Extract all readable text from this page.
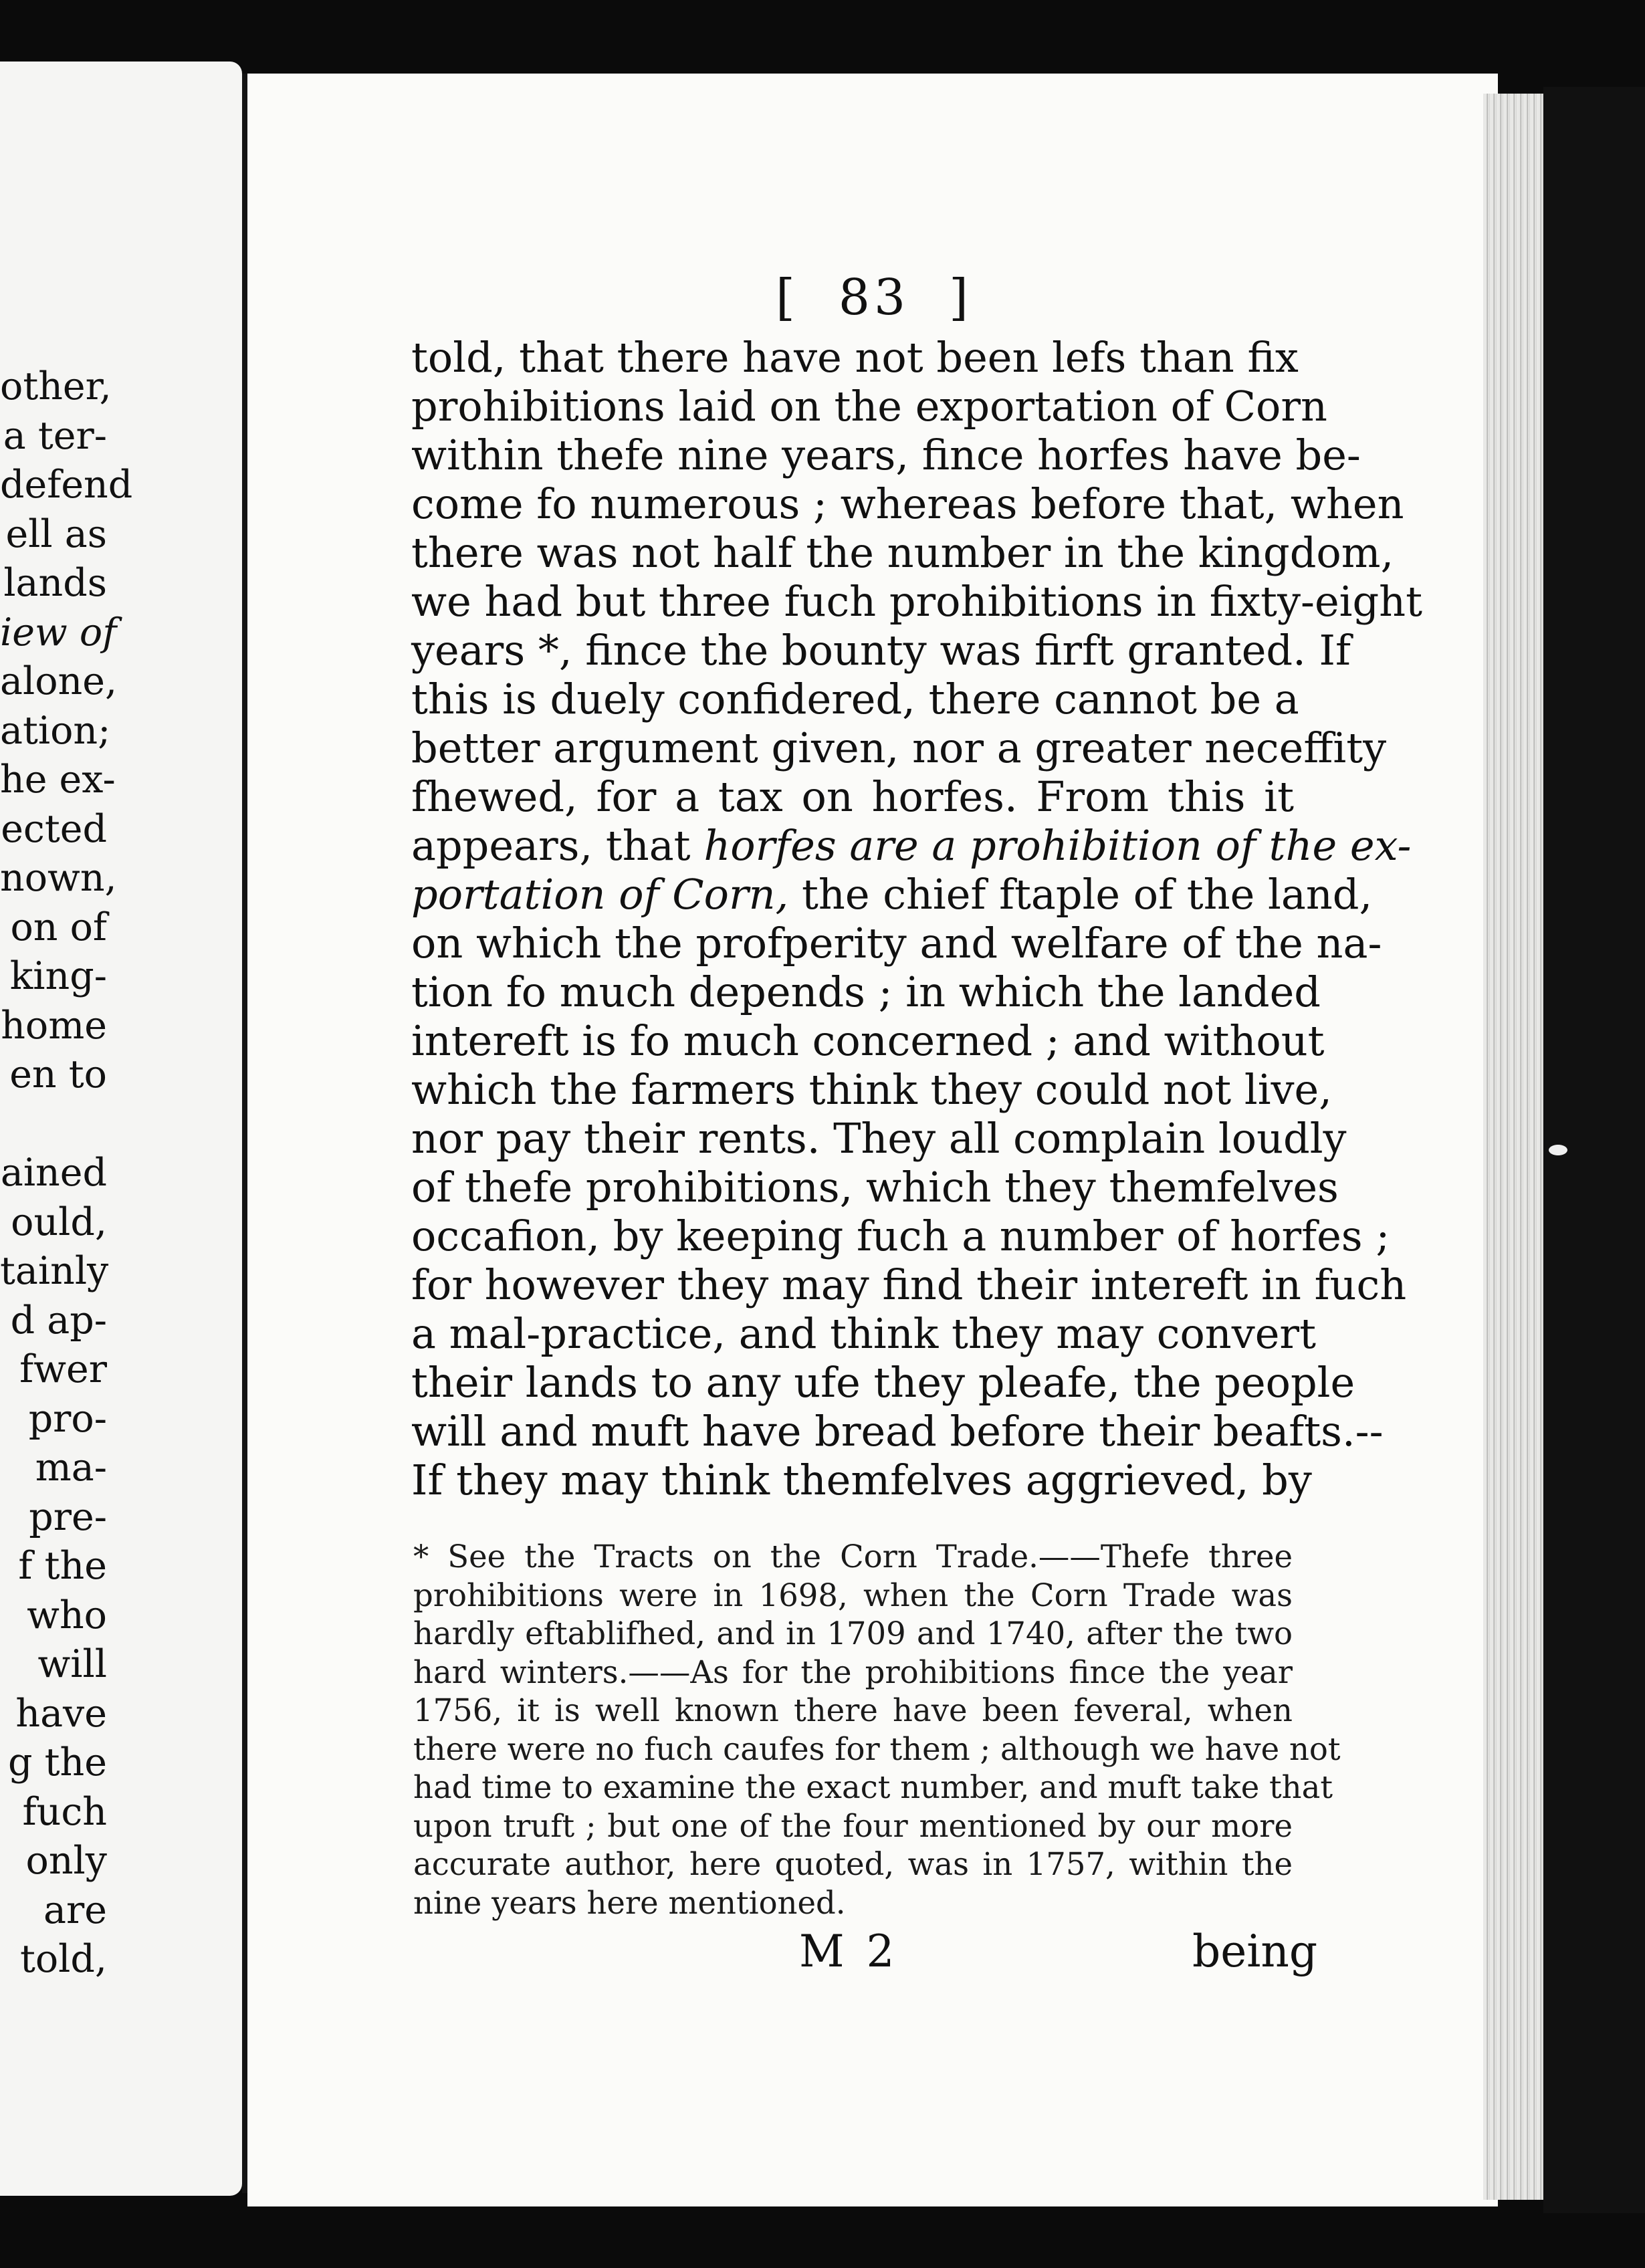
other,
a ter-
defend
ell as
lands
iew of
alone,
ation;
he ex-
ected
nown,
on of
king-
home
en to
ained
ould,
tainly
d ap-
fwer
pro-
ma-
pre-
f the
who
will
have
g the
fuch
only
are
told,
[  83  ]
told, that there have not been lefs than fix
prohibitions laid on the exportation of Corn
within thefe nine years, fince horfes have be-
come fo numerous ; whereas before that, when
there was not half the number in the kingdom,
we had but three fuch prohibitions in fixty-eight
years *, fince the bounty was firft granted. If
this is duely confidered, there cannot be a
better argument given, nor a greater neceffity
fhewed, for a tax on horfes. From this it
appears, that horfes are a prohibition of the ex-
portation of Corn, the chief ftaple of the land,
on which the profperity and welfare of the na-
tion fo much depends ; in which the landed
intereft is fo much concerned ; and without
which the farmers think they could not live,
nor pay their rents. They all complain loudly
of thefe prohibitions, which they themfelves
occafion, by keeping fuch a number of horfes ;
for however they may find their intereft in fuch
a mal-practice, and think they may convert
their lands to any ufe they pleafe, the people
will and muft have bread before their beafts.--
If they may think themfelves aggrieved, by
* See the Tracts on the Corn Trade.——Thefe three
prohibitions were in 1698, when the Corn Trade was
hardly eftablifhed, and in 1709 and 1740, after the two
hard winters.——As for the prohibitions fince the year
1756, it is well known there have been feveral, when
there were no fuch caufes for them ; although we have not
had time to examine the exact number, and muft take that
upon truft ; but one of the four mentioned by our more
accurate author, here quoted, was in 1757, within the
nine years here mentioned.
M 2	being
